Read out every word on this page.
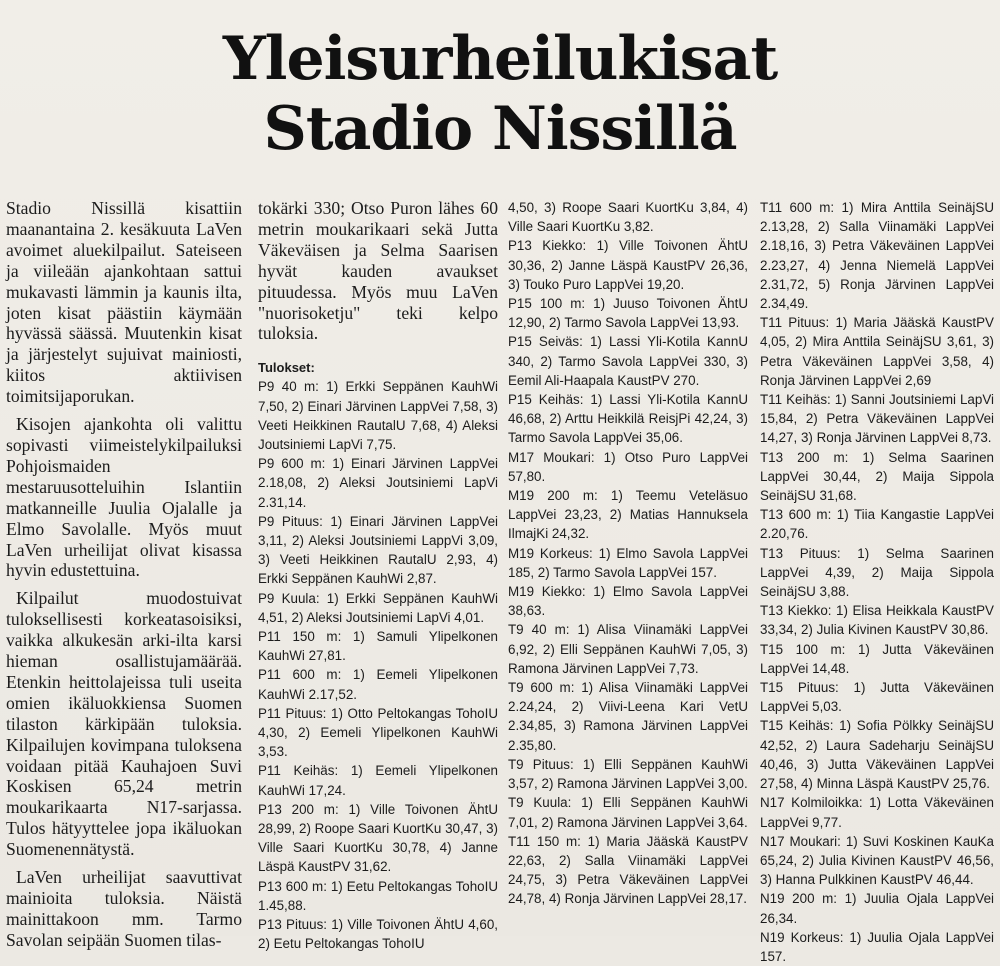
Yleisurheilukisat
Stadio Nissillä

Stadio Nissillä kisattiin maanantaina 2. kesäkuuta LaVen avoimet aluekilpailut. Sateiseen ja viileään ajankohtaan sattui mukavasti lämmin ja kaunis ilta, joten kisat päästiin käymään hyvässä säässä. Muutenkin kisat ja järjestelyt sujuivat mainiosti, kiitos aktiivisen toimitsijaporukan.

Kisojen ajankohta oli valittu sopivasti viimeistelykilpailuksi Pohjoismaiden mestaruusotteluihin Islantiin matkanneille Juulia Ojalalle ja Elmo Savolalle. Myös muut LaVen urheilijat olivat kisassa hyvin edustettuina.

Kilpailut muodostuivat tuloksellisesti korkeatasoisiksi, vaikka alkukesän arki-ilta karsi hieman osallistujamäärää. Etenkin heittolajeissa tuli useita omien ikäluokkiensa Suomen tilaston kärkipään tuloksia. Kilpailujen kovimpana tuloksena voidaan pitää Kauhajoen Suvi Koskisen 65,24 metrin moukarikaarta N17-sarjassa. Tulos hätyyttelee jopa ikäluokan Suomenennätystä.

LaVen urheilijat saavuttivat mainioita tuloksia. Näistä mainittakoon mm. Tarmo Savolan seipään Suomen tilas-

tokärki 330; Otso Puron lähes 60 metrin moukarikaari sekä Jutta Väkeväisen ja Selma Saarisen hyvät kauden avaukset pituudessa. Myös muu LaVen "nuorisoketju" teki kelpo tuloksia.

Tulokset:

P9 40 m: 1) Erkki Seppänen KauhWi 7,50, 2) Einari Järvinen LappVei 7,58, 3) Veeti Heikkinen RautalU 7,68, 4) Aleksi Joutsiniemi LapVi 7,75.

P9 600 m: 1) Einari Järvinen LappVei 2.18,08, 2) Aleksi Joutsiniemi LapVi 2.31,14.

P9 Pituus: 1) Einari Järvinen LappVei 3,11, 2) Aleksi Joutsiniemi LappVi 3,09, 3) Veeti Heikkinen RautalU 2,93, 4) Erkki Seppänen KauhWi 2,87.

P9 Kuula: 1) Erkki Seppänen KauhWi 4,51, 2) Aleksi Joutsiniemi LapVi 4,01.

P11 150 m: 1) Samuli Ylipelkonen KauhWi 27,81.

P11 600 m: 1) Eemeli Ylipelkonen KauhWi 2.17,52.

P11 Pituus: 1) Otto Peltokangas TohoIU 4,30, 2) Eemeli Ylipelkonen KauhWi 3,53.

P11 Keihäs: 1) Eemeli Ylipelkonen KauhWi 17,24.

P13 200 m: 1) Ville Toivonen ÄhtU 28,99, 2) Roope Saari KuortKu 30,47, 3) Ville Saari KuortKu 30,78, 4) Janne Läspä KaustPV 31,62.

P13 600 m: 1) Eetu Peltokangas TohoIU 1.45,88.

P13 Pituus: 1) Ville Toivonen ÄhtU 4,60, 2) Eetu Peltokangas TohoIU

4,50, 3) Roope Saari KuortKu 3,84, 4) Ville Saari KuortKu 3,82.

P13 Kiekko: 1) Ville Toivonen ÄhtU 30,36, 2) Janne Läspä KaustPV 26,36, 3) Touko Puro LappVei 19,20.

P15 100 m: 1) Juuso Toivonen ÄhtU 12,90, 2) Tarmo Savola LappVei 13,93.

P15 Seiväs: 1) Lassi Yli-Kotila KannU 340, 2) Tarmo Savola LappVei 330, 3) Eemil Ali-Haapala KaustPV 270.

P15 Keihäs: 1) Lassi Yli-Kotila KannU 46,68, 2) Arttu Heikkilä ReisjPi 42,24, 3) Tarmo Savola LappVei 35,06.

M17 Moukari: 1) Otso Puro LappVei 57,80.

M19 200 m: 1) Teemu Veteläsuo LappVei 23,23, 2) Matias Hannuksela IlmajKi 24,32.

M19 Korkeus: 1) Elmo Savola LappVei 185, 2) Tarmo Savola LappVei 157.

M19 Kiekko: 1) Elmo Savola LappVei 38,63.

T9 40 m: 1) Alisa Viinamäki LappVei 6,92, 2) Elli Seppänen KauhWi 7,05, 3) Ramona Järvinen LappVei 7,73.

T9 600 m: 1) Alisa Viinamäki LappVei 2.24,24, 2) Viivi-Leena Kari VetU 2.34,85, 3) Ramona Järvinen LappVei 2.35,80.

T9 Pituus: 1) Elli Seppänen KauhWi 3,57, 2) Ramona Järvinen LappVei 3,00.

T9 Kuula: 1) Elli Seppänen KauhWi 7,01, 2) Ramona Järvinen LappVei 3,64.

T11 150 m: 1) Maria Jääskä KaustPV 22,63, 2) Salla Viinamäki LappVei 24,75, 3) Petra Väkeväinen LappVei 24,78, 4) Ronja Järvinen LappVei 28,17.

T11 600 m: 1) Mira Anttila SeinäjSU 2.13,28, 2) Salla Viinamäki LappVei 2.18,16, 3) Petra Väkeväinen LappVei 2.23,27, 4) Jenna Niemelä LappVei 2.31,72, 5) Ronja Järvinen LappVei 2.34,49.

T11 Pituus: 1) Maria Jääskä KaustPV 4,05, 2) Mira Anttila SeinäjSU 3,61, 3) Petra Väkeväinen LappVei 3,58, 4) Ronja Järvinen LappVei 2,69

T11 Keihäs: 1) Sanni Joutsiniemi LapVi 15,84, 2) Petra Väkeväinen LappVei 14,27, 3) Ronja Järvinen LappVei 8,73.

T13 200 m: 1) Selma Saarinen LappVei 30,44, 2) Maija Sippola SeinäjSU 31,68.

T13 600 m: 1) Tiia Kangastie LappVei 2.20,76.

T13 Pituus: 1) Selma Saarinen LappVei 4,39, 2) Maija Sippola SeinäjSU 3,88.

T13 Kiekko: 1) Elisa Heikkala KaustPV 33,34, 2) Julia Kivinen KaustPV 30,86.

T15 100 m: 1) Jutta Väkeväinen LappVei 14,48.

T15 Pituus: 1) Jutta Väkeväinen LappVei 5,03.

T15 Keihäs: 1) Sofia Pölkky SeinäjSU 42,52, 2) Laura Sadeharju SeinäjSU 40,46, 3) Jutta Väkeväinen LappVei 27,58, 4) Minna Läspä KaustPV 25,76.

N17 Kolmiloikka: 1) Lotta Väkeväinen LappVei 9,77.

N17 Moukari: 1) Suvi Koskinen KauKa 65,24, 2) Julia Kivinen KaustPV 46,56, 3) Hanna Pulkkinen KaustPV 46,44.

N19 200 m: 1) Juulia Ojala LappVei 26,34.

N19 Korkeus: 1) Juulia Ojala LappVei 157.
